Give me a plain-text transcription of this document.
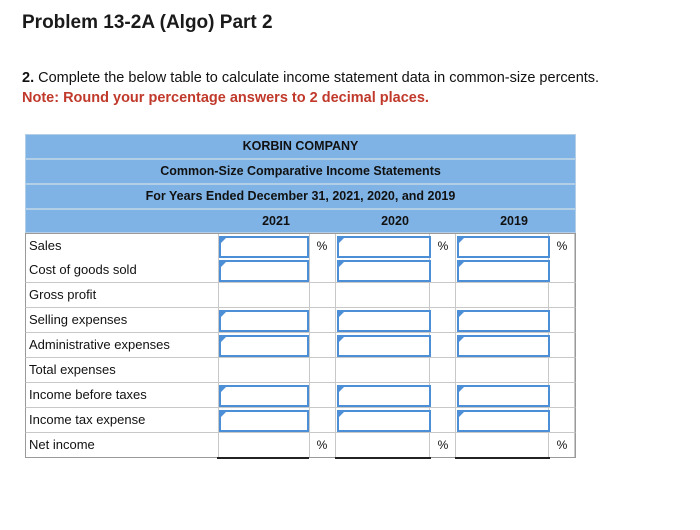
Problem 13-2A (Algo) Part 2
2. Complete the below table to calculate income statement data in common-size percents.
Note: Round your percentage answers to 2 decimal places.
KORBIN COMPANY
Common-Size Comparative Income Statements
For Years Ended December 31, 2021, 2020, and 2019
2021	2020	2019
Sales	%	%	%
Cost of goods sold
Gross profit
Selling expenses
Administrative expenses
Total expenses
Income before taxes
Income tax expense
Net income	%	%	%
